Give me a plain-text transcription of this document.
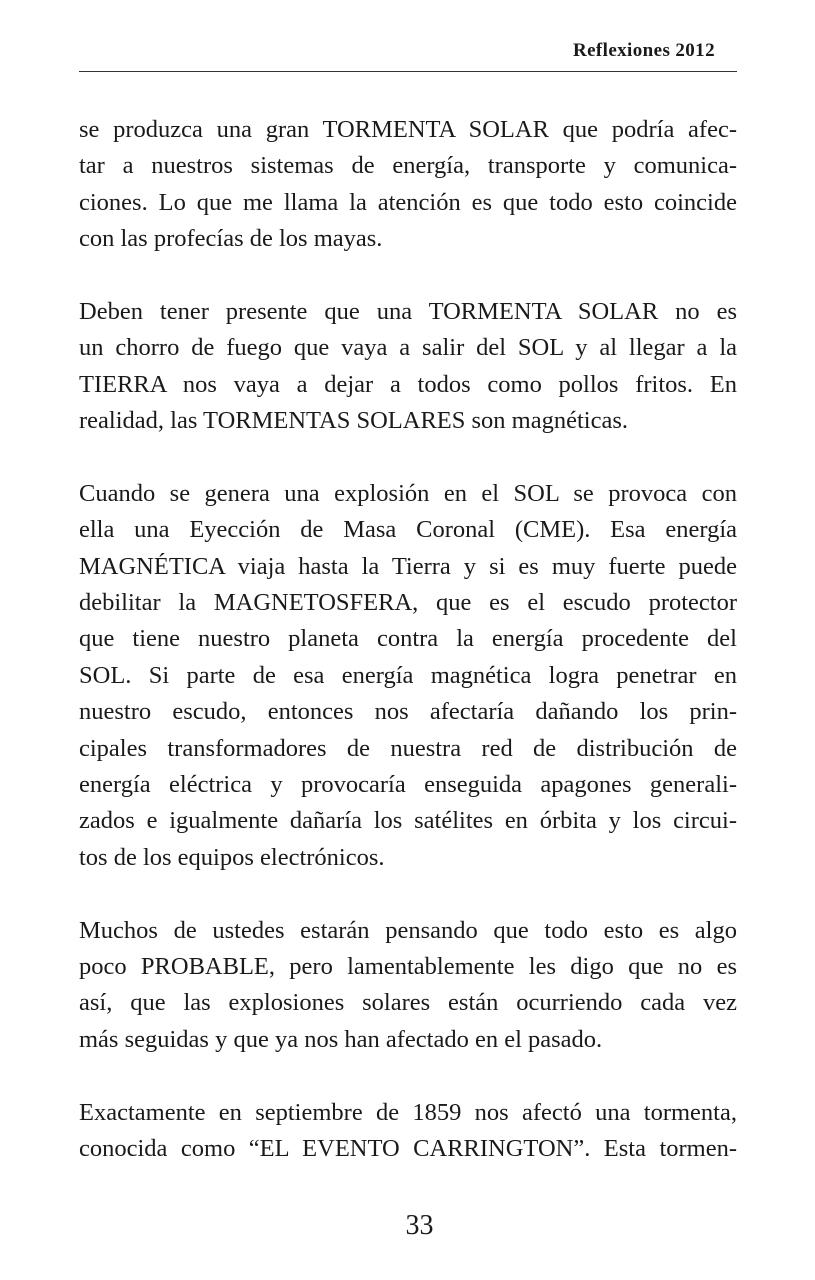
Reflexiones 2012
se produzca una gran TORMENTA SOLAR que podría afec-
tar a nuestros sistemas de energía, transporte y comunica-
ciones. Lo que me llama la atención es que todo esto coincide
con las profecías de los mayas.
Deben tener presente que una TORMENTA SOLAR no es
un chorro de fuego que vaya a salir del SOL y al llegar a la
TIERRA nos vaya a dejar a todos como pollos fritos. En
realidad, las TORMENTAS SOLARES son magnéticas.
Cuando se genera una explosión en el SOL se provoca con
ella una Eyección de Masa Coronal (CME). Esa energía
MAGNÉTICA viaja hasta la Tierra y si es muy fuerte puede
debilitar la MAGNETOSFERA, que es el escudo protector
que tiene nuestro planeta contra la energía procedente del
SOL. Si parte de esa energía magnética logra penetrar en
nuestro escudo, entonces nos afectaría dañando los prin-
cipales transformadores de nuestra red de distribución de
energía eléctrica y provocaría enseguida apagones generali-
zados e igualmente dañaría los satélites en órbita y los circui-
tos de los equipos electrónicos.
Muchos de ustedes estarán pensando que todo esto es algo
poco PROBABLE, pero lamentablemente les digo que no es
así, que las explosiones solares están ocurriendo cada vez
más seguidas y que ya nos han afectado en el pasado.
Exactamente en septiembre de 1859 nos afectó una tormenta,
conocida como “EL EVENTO CARRINGTON”. Esta tormen-
33
